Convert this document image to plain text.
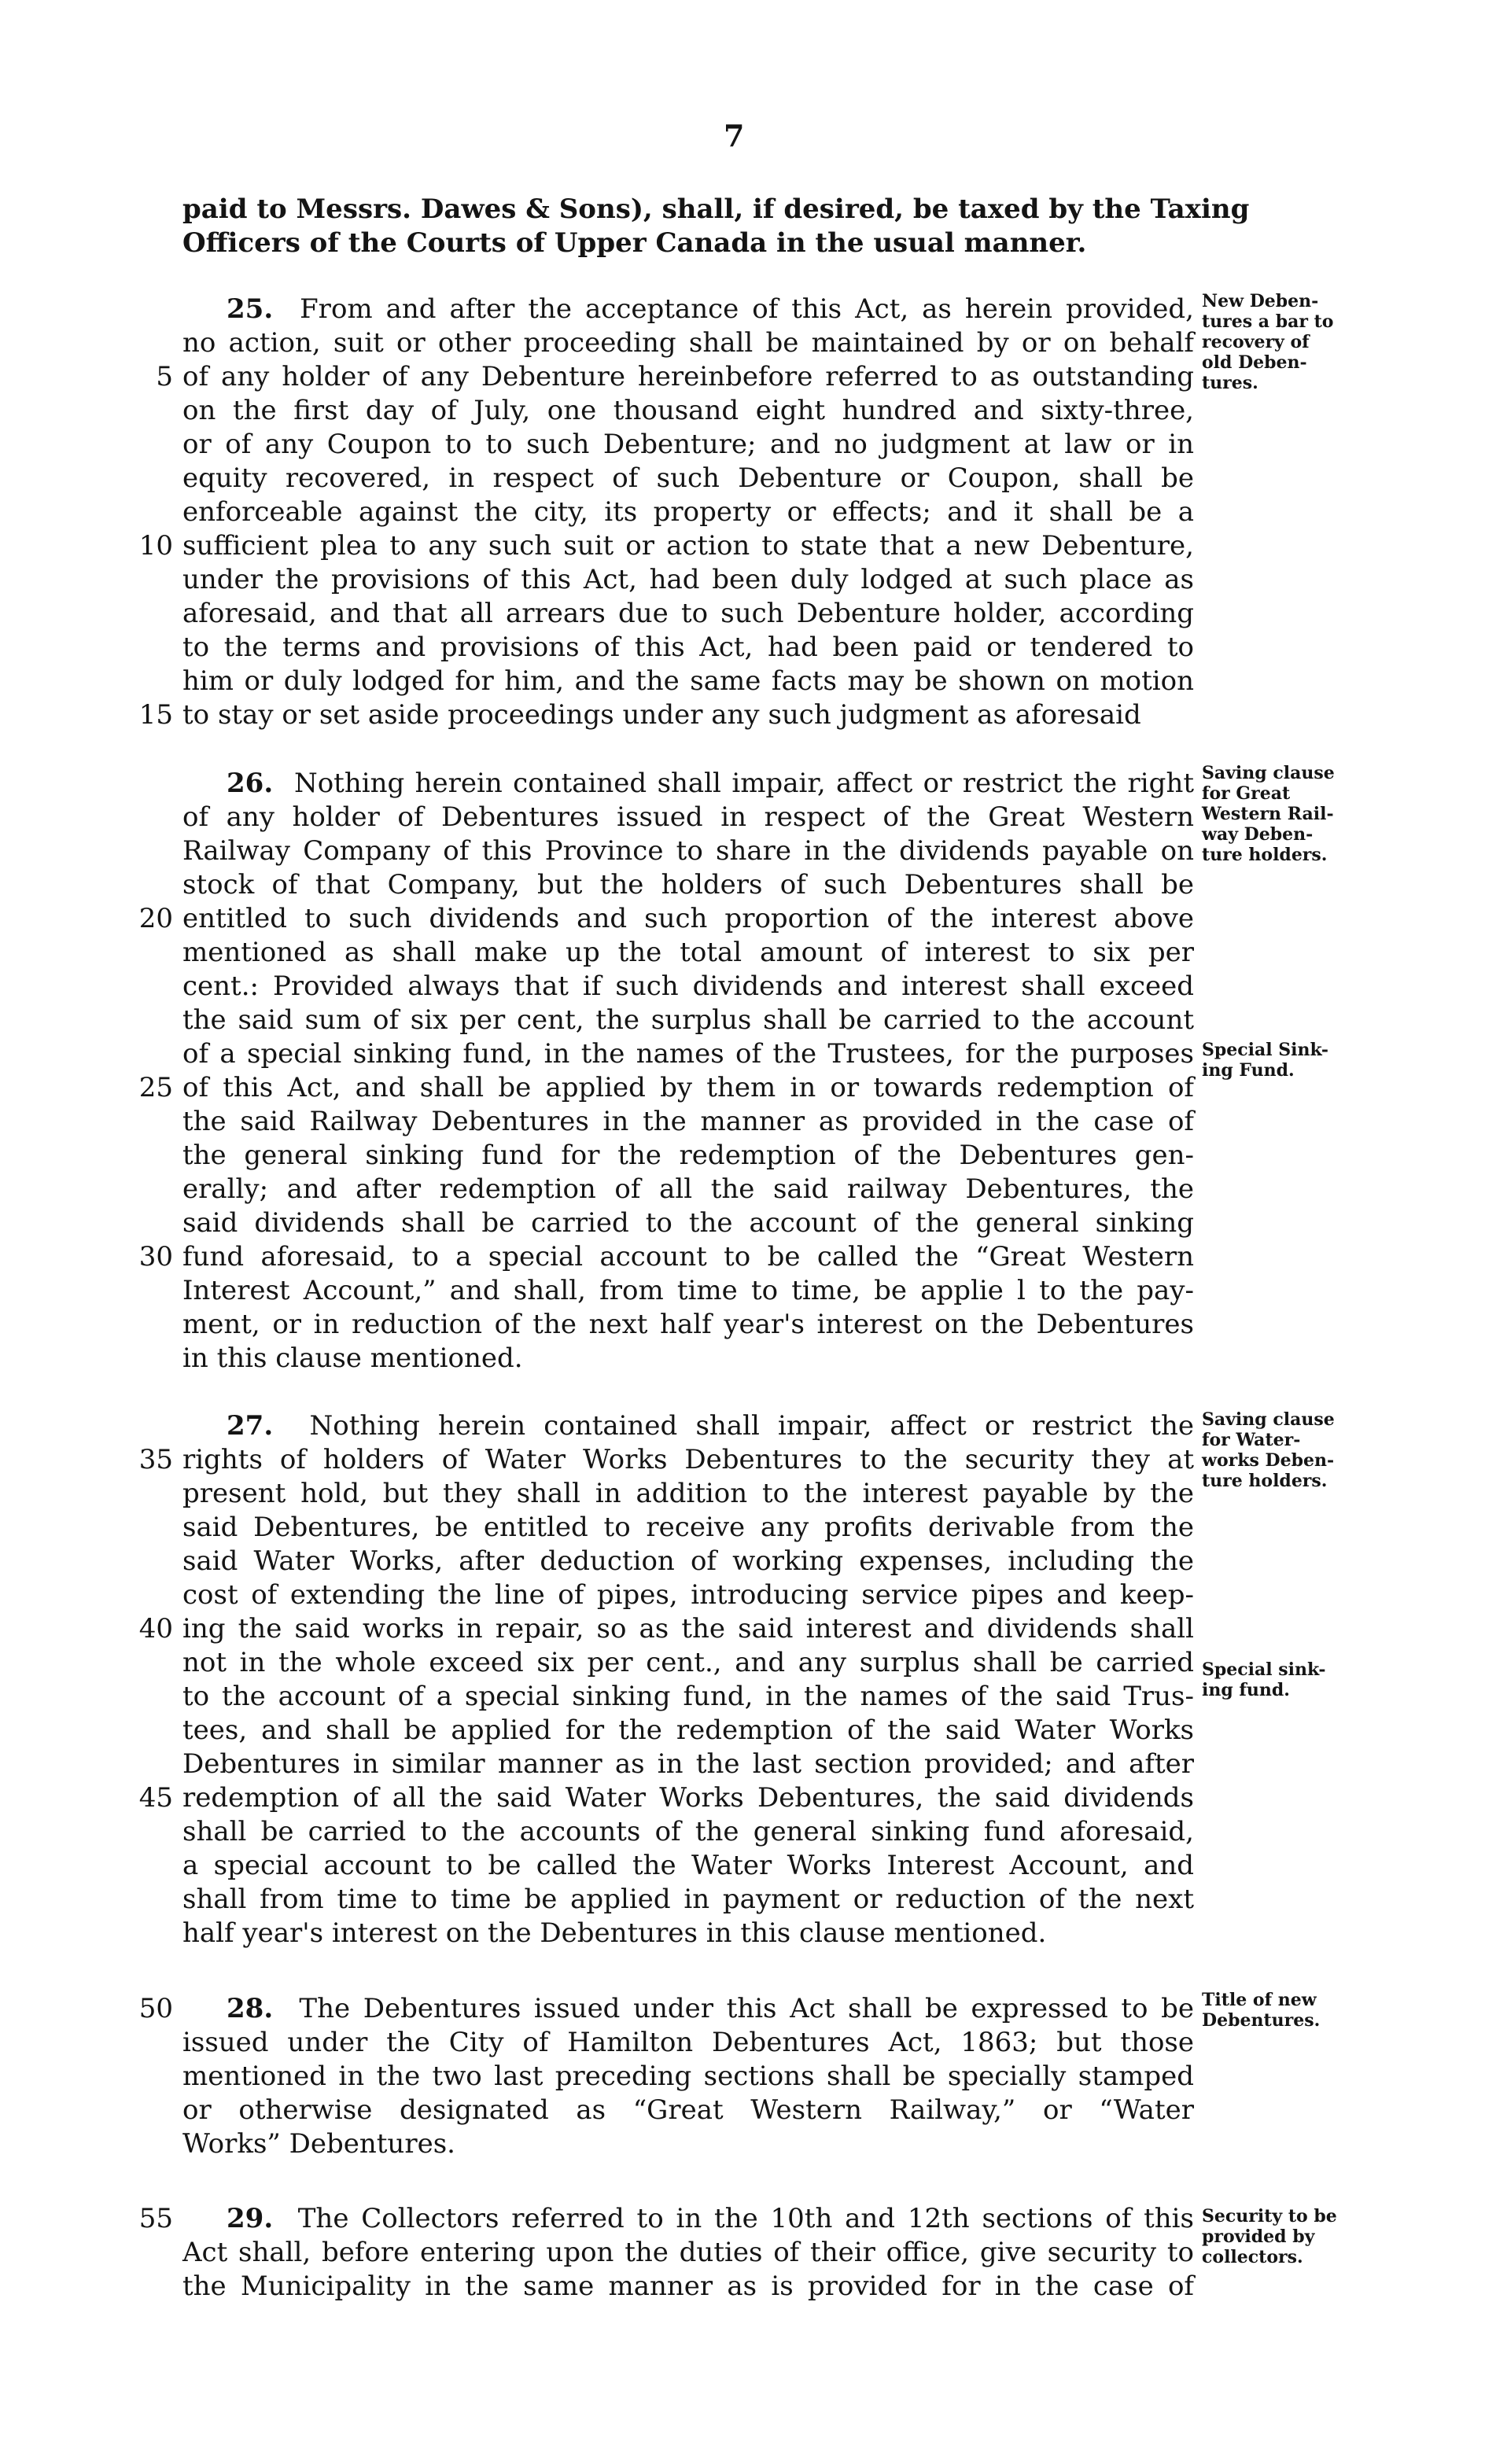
7
paid to Messrs. Dawes & Sons), shall, if desired, be taxed by the Taxing
Officers of the Courts of Upper Canada in the usual manner.
25. From and after the acceptance of this Act, as herein provided,
no action, suit or other proceeding shall be maintained by or on behalf
of any holder of any Debenture hereinbefore referred to as outstanding
on the first day of July, one thousand eight hundred and sixty-three,
or of any Coupon to to such Debenture; and no judgment at law or in
equity recovered, in respect of such Debenture or Coupon, shall be
enforceable against the city, its property or effects; and it shall be a
sufficient plea to any such suit or action to state that a new Debenture,
under the provisions of this Act, had been duly lodged at such place as
aforesaid, and that all arrears due to such Debenture holder, according
to the terms and provisions of this Act, had been paid or tendered to
him or duly lodged for him, and the same facts may be shown on motion
to stay or set aside proceedings under any such judgment as aforesaid
26. Nothing herein contained shall impair, affect or restrict the right
of any holder of Debentures issued in respect of the Great Western
Railway Company of this Province to share in the dividends payable on
stock of that Company, but the holders of such Debentures shall be
entitled to such dividends and such proportion of the interest above
mentioned as shall make up the total amount of interest to six per
cent.: Provided always that if such dividends and interest shall exceed
the said sum of six per cent, the surplus shall be carried to the account
of a special sinking fund, in the names of the Trustees, for the purposes
of this Act, and shall be applied by them in or towards redemption of
the said Railway Debentures in the manner as provided in the case of
the general sinking fund for the redemption of the Debentures gen-
erally; and after redemption of all the said railway Debentures, the
said dividends shall be carried to the account of the general sinking
fund aforesaid, to a special account to be called the “Great Western
Interest Account,” and shall, from time to time, be applie l to the pay-
ment, or in reduction of the next half year's interest on the Debentures
in this clause mentioned.
27. Nothing herein contained shall impair, affect or restrict the
rights of holders of Water Works Debentures to the security they at
present hold, but they shall in addition to the interest payable by the
said Debentures, be entitled to receive any profits derivable from the
said Water Works, after deduction of working expenses, including the
cost of extending the line of pipes, introducing service pipes and keep-
ing the said works in repair, so as the said interest and dividends shall
not in the whole exceed six per cent., and any surplus shall be carried
to the account of a special sinking fund, in the names of the said Trus-
tees, and shall be applied for the redemption of the said Water Works
Debentures in similar manner as in the last section provided; and after
redemption of all the said Water Works Debentures, the said dividends
shall be carried to the accounts of the general sinking fund aforesaid,
a special account to be called the Water Works Interest Account, and
shall from time to time be applied in payment or reduction of the next
half year's interest on the Debentures in this clause mentioned.
28. The Debentures issued under this Act shall be expressed to be
issued under the City of Hamilton Debentures Act, 1863; but those
mentioned in the two last preceding sections shall be specially stamped
or otherwise designated as “Great Western Railway,” or “Water
Works” Debentures.
29. The Collectors referred to in the 10th and 12th sections of this
Act shall, before entering upon the duties of their office, give security to
the Municipality in the same manner as is provided for in the case of
5
10
15
20
25
30
35
40
45
50
55
New Deben-
tures a bar to
recovery of
old Deben-
tures.
Saving clause
for Great
Western Rail-
way Deben-
ture holders.
Special Sink-
ing Fund.
Saving clause
for Water-
works Deben-
ture holders.
Special sink-
ing fund.
Title of new
Debentures.
Security to be
provided by
collectors.
